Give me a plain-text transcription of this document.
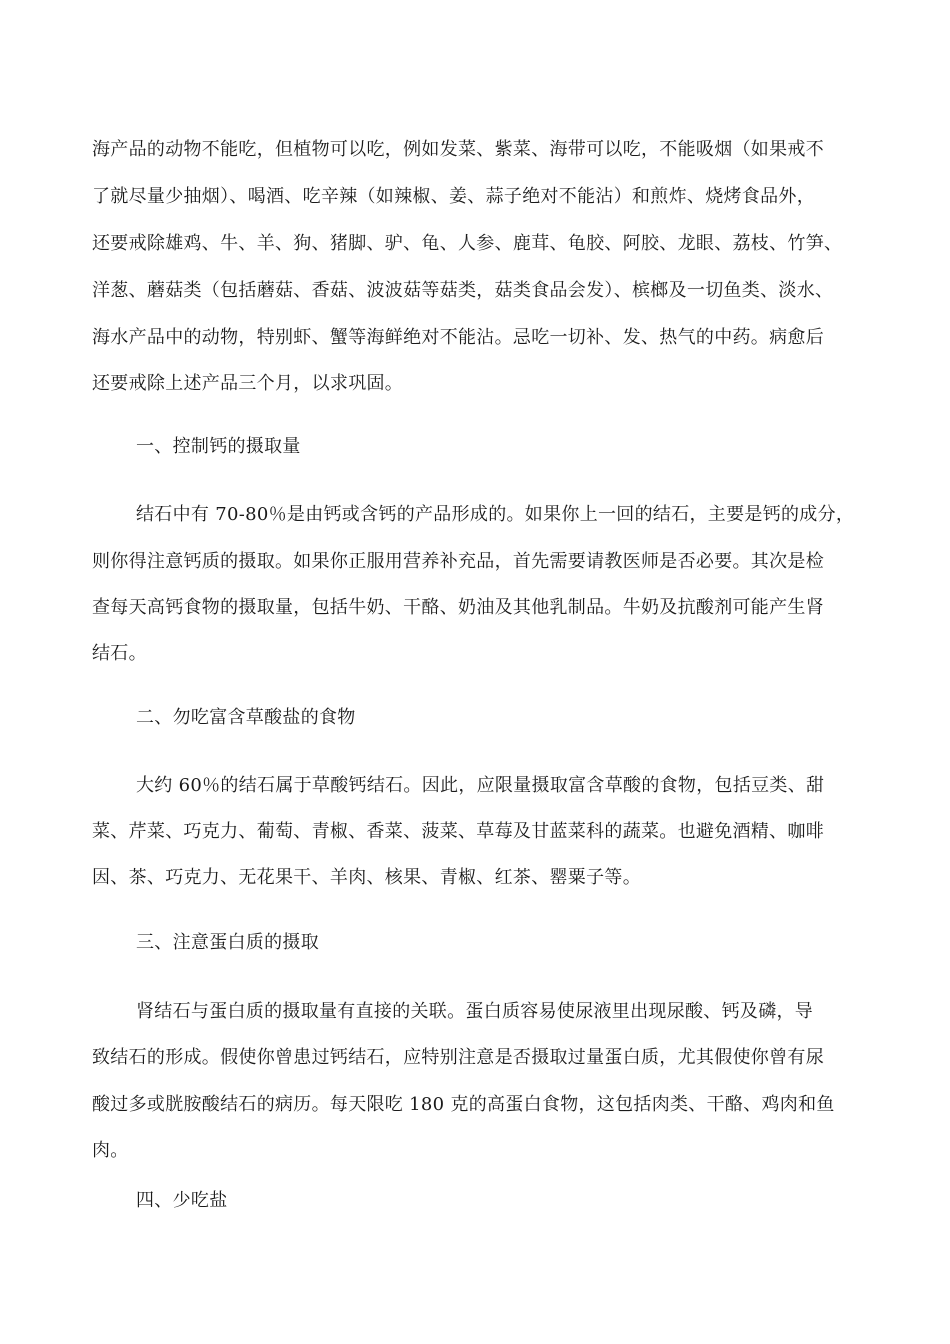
海产品的动物不能吃，但植物可以吃，例如发菜、紫菜、海带可以吃，不能吸烟（如果戒不
了就尽量少抽烟）、喝酒、吃辛辣（如辣椒、姜、蒜子绝对不能沾）和煎炸、烧烤食品外，
还要戒除雄鸡、牛、羊、狗、猪脚、驴、龟、人参、鹿茸、龟胶、阿胶、龙眼、荔枝、竹笋、
洋葱、蘑菇类（包括蘑菇、香菇、波波菇等菇类，菇类食品会发）、槟榔及一切鱼类、淡水、
海水产品中的动物，特别虾、蟹等海鲜绝对不能沾。忌吃一切补、发、热气的中药。病愈后
还要戒除上述产品三个月，以求巩固。
一、控制钙的摄取量
结石中有 70-80％是由钙或含钙的产品形成的。如果你上一回的结石，主要是钙的成分，
则你得注意钙质的摄取。如果你正服用营养补充品，首先需要请教医师是否必要。其次是检
查每天高钙食物的摄取量，包括牛奶、干酪、奶油及其他乳制品。牛奶及抗酸剂可能产生肾
结石。
二、勿吃富含草酸盐的食物
大约 60％的结石属于草酸钙结石。因此，应限量摄取富含草酸的食物，包括豆类、甜
菜、芹菜、巧克力、葡萄、青椒、香菜、菠菜、草莓及甘蓝菜科的蔬菜。也避免酒精、咖啡
因、茶、巧克力、无花果干、羊肉、核果、青椒、红茶、罂粟子等。
三、注意蛋白质的摄取
肾结石与蛋白质的摄取量有直接的关联。蛋白质容易使尿液里出现尿酸、钙及磷，导
致结石的形成。假使你曾患过钙结石，应特别注意是否摄取过量蛋白质，尤其假使你曾有尿
酸过多或胱胺酸结石的病历。每天限吃 180 克的高蛋白食物，这包括肉类、干酪、鸡肉和鱼
肉。
四、少吃盐
